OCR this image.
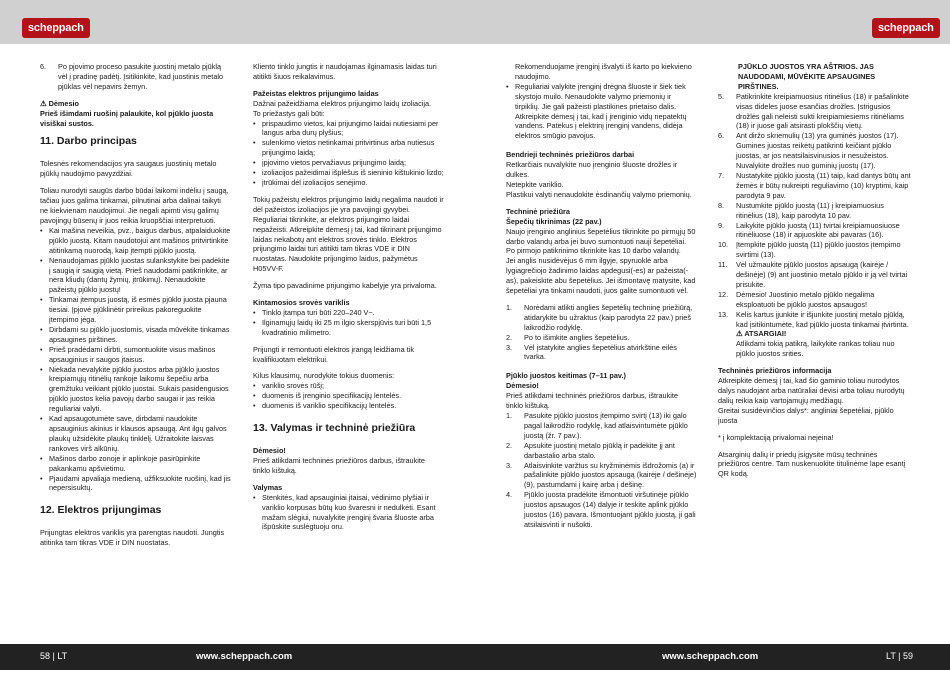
scheppach	scheppach
6. Po pjovimo proceso pasukite juostinį metalo pjūklą vėl į pradinę padėtį. Įsitikinkite, kad juostinis metalo pjūklas vėl nepavirs žemyn.
⚠ Dėmesio

Prieš išimdami ruošinį palaukite, kol pjūklo juosta visiškai sustos.

11. Darbo principas

Tolesnės rekomendacijos yra saugaus juostinių metalo pjūklų naudojimo pavyzdžiai.

Toliau nurodyti saugūs darbo būdai laikomi indėliu į saugą, tačiau juos galima tinkamai, pilnutinai arba dalinai taikyti ne kiekvienam naudojimui. Jie negali apimti visų galimų pavojingų būsenų ir juos reikia kruopščiai interpretuoti.

• Kai mašina neveikia, pvz., baigus darbus, atpalaiduokite pjūklo juostą. Kitam naudotojui ant mašinos pritvirtinkite atitinkamą nuorodą, kaip įtempti pjūklo juostą.
• Nenaudojamas pjūklo juostas sulankstykite bei padėkite į saugią ir saugią vietą. Prieš naudodami patikrinkite, ar nėra kliudų (dantų žymių, įtrūkimų). Nenaudokite pažeistų pjūklo juostų!
• Tinkamai įtempus juostą, iš esmės pjūklo juosta pjauna tiesiai. Įpjovė pjūklinėtir prireikus pakoreguokite įtempimo jėga.
• Dirbdami su pjūklo juostomis, visada mūvėkite tinkamas apsaugines pirštines.
• Prieš pradėdami dirbti, sumontuokite visus mašinos apsauginius ir saugos įtaisus.
• Niekada nevalykite pjūklo juostos arba pjūklo juostos kreipiamųjų ritinėlių rankoje laikomu šepečiu arba gremžtuku veikiant pjūklo juostai. Sukais pasidengusios pjūklo juostos kelia pavojų darbo saugai ir jas reikia reguliariai valyti.
• Kad apsaugotumėte save, dirbdami naudokite apsauginius akinius ir klausos apsaugą. Ant ilgų galvos plaukų užsidėkite plaukų tinklelį. Užraitokite laisvas rankoves virš alkūnių.
• Mašinos darbo zonoje ir aplinkoje pasirūpinkite pakankamu apšvietimu.
• Pjaudami apvaliąja medieną, užfiksuokite ruošinį, kad jis nepersisuktų.
12. Elektros prijungimas

Prijungtas elektros variklis yra parengtas naudoti. Jungtis atitinka tam tikras VDE ir DIN nuostatas.

Kliento tinklo jungtis ir naudojamas ilginamasis laidas turi atitikti šiuos reikalavimus.

Pažeistas elektros prijungimo laidas
Dažnai pažeidžiama elektros prijungimo laidų izoliacija.
To priežastys gali būti:
• prispaudimo vietos, kai prijungimo laidai nutiesiami per langus arba durų plyšius;
• sulenkimo vietos netinkamai pritvirtinus arba nutiesus prijungimo laidą;
• įpjovimo vietos pervažiavus prijungimo laidą;
• izoliacijos pažeidimai išplėšus iš sieninio kištukinio lizdo;
• įtrūkimai dėl izoliacijos senėjimo.

Tokių pažeistų elektros prijungimo laidų negalima naudoti ir dėl pažeistos izoliacijos jie yra pavojingi gyvybei. Reguliariai tikrinkite, ar elektros prijungimo laidai nepažeisti. Atkreipkite dėmesį į tai, kad tikrinant prijungimo laidas nekabotų ant elektros srovės tinklo. Elektros prijungimo laidai turi atitikti tam tikras VDE ir DIN nuostatas. Naudokite prijungimo laidus, pažymėtus H05VV-F.

Žyma tipo pavadinime prijungimo kabelyje yra privaloma.

Kintamosios srovės variklis
• Tinklo įtampa turi būti 220–240 V~.
• Ilginamųjų laidų iki 25 m ilgio skerspjūvis turi būti 1,5 kvadratinio milimetro.

Prijungti ir remontuoti elektros įrangą leidžiama tik kvalifikuotam elektrikui.

Kilus klausimų, nurodykite tokius duomenis:
• variklio srovės rūšį;
• duomenis iš įrenginio specifikacijų lentelės.
• duomenis iš variklio specifikacijų lentelės.
13. Valymas ir techninė priežiūra
Dėmesio!

Prieš atlikdami techninės priežiūros darbus, ištraukite tinklo kištuką.

Valymas
• Stenkitės, kad apsauginiai įtaisai, vėdinimo plyšiai ir variklio korpusas būtų kuo švaresni ir nedulkėti. Esant mažam slėgiui, nuvalykite įrenginį švaria šluoste arba išpūskite suslėgtuoju oru.
Rekomenduojame įrenginį išvalyti iš karto po kiekvieno naudojimo.
• Reguliariai valykite įrenginį drėgna šluoste ir šiek tiek skystojo muilo. Nenaudokite valymo priemonių ir tirpiklių. Jie gali pažeisti plastikines prietaiso dalis. Atkreipkite dėmesį į tai, kad į įrenginio vidų nepatektų vandens. Patekus į elektrinį įrenginį vandens, didėja elektros smūgio pavojus.
Bendrieji techninės priežiūros darbai
Retkarčiais nuvalykite nuo įrenginio šluoste drožles ir dulkes.
Netepkite variklio.

Plastikui valyti nenaudokite ėsdinančių valymo priemonių.

Techninė priežiūra
Šepečių tikrinimas (22 pav.)
Naujo įrenginio anglinius šepetėlius tikrinkite po pirmųjų 50 darbo valandų arba jei buvo sumontuoti nauji šepetėliai. Po pirmojo patikrinimo tikrinkite kas 10 darbo valandų.

Jei anglis nusidėvėjus 6 mm ilgyje, spyruoklė arba lygiagrečiojo žadinimo laidas apdegusi(-es) ar pažeista(-as), pakeiskite abu šepetėlius. Jei išmontavę matysite, kad šepetėliai yra tinkami naudoti, juos galite sumontuoti vėl.

1. Norėdami atlikti anglies šepetėlių techninę priežiūrą, atidarykite bu užraktus (kaip parodyta 22 pav.) prieš laikrodžio rodyklę.
2. Po to išimkite anglies šepetėlius.
3. Vėl įstatykite anglies šepetėlius atvirkštine eilės tvarka.
Pjūklo juostos keitimas (7–11 pav.)
Dėmesio!
Prieš atlikdami techninės priežiūros darbus, ištraukite tinklo kištuką.
1. Pasukite pjūklo juostos įtempimo svirtį (13) iki galo pagal laikrodžio rodyklę, kad atlaisvintumėte pjūklo juostą (žr. 7 pav.).
2. Apsukite juostinį metalo pjūklą ir padėkite jį ant darbastalio arba stalo.
3. Atlaisvinkite varžtus su kryžminėmis išdrožomis (a) ir pašalinkite pjūklo juostos apsaugą (kairėje / dešinėje) (9), pastumdami į kairę arba į dešinę.
4. Pjūklo juosta pradėkite išmontuoti viršutinėje pjūklo juostos apsaugos (14) dalyje ir teskite aplink pjūklo juostos (16) pavara. Išmontuojant pjūklo juostą, ji gali atsilaisvinti ir nušokti.
PJŪKLO JUOSTOS YRA AŠTRIOS. JAS NAUDODAMI, MŪVĖKITE APSAUGINES PIRŠTINES.
5. Patikrinkite kreipiamuosius ritinėlius (18) ir pašalinkite visas dideles juose esančias drožles. Įstrigusios drožlės gali neleisti sukti kreipiamiesiems ritinėliams (18) ir juose gali atsirasti plokščių vietų.
6. Ant diržo skriemulių (13) yra guminės juostos (17). Gumines juostas reikėtų patikrinti keičiant pjūklo juostas, ar jos neatsilaisvinusios ir nesužeistos. Nuvalykite drožles nuo guminių juostų (17).
7. Nustatykite pjūklo juostą (11) taip, kad dantys būtų ant žemės ir būtų nukreipti reguliavimo (10) kryptimi, kaip parodyta 9 pav.
8. Nustumkite pjūklo juostą (11) į kreipiamuosius ritinėlius (18), kaip parodyta 10 pav.
9. Laikykite pjūklo juostą (11) tvirtai kreipiamuosiuose ritinėliuose (18) ir apjuoskite abi pavaras (16).
10. Įtempkite pjūklo juostą (11) pjūklo juostos įtempimo svirtimi (13).
11. Vėl užmaukite pjūklo juostos apsaugą (kairėje / dešinėje) (9) ant juostinio metalo pjūklo ir ją vėl tvirtai prisukite.
12. Dėmesio! Juostinio metalo pjūklo negalima eksploatuoti be pjūklo juostos apsaugos!
13. Kelis kartus įjunkite ir išjunkite juostinį metalo pjūklą, kad įsitikintumėte, kad pjūklo juosta tinkamai įtvirtinta.
⚠ ATSARGIAI!

Atlikdami tokią patikrą, laikykite rankas toliau nuo pjūklo juostos srities.

Techninės priežiūros informacija
Atkreipkite dėmesį į tai, kad šio gaminio toliau nurodytos dalys naudojant arba natūraliai dėvisi arba toliau nurodytų dalių reikia kaip vartojamųjų medžiagų.

Greitai susidėvinčios dalys*: angliniai šepetėliai, pjūklo juosta

* į komplektaciją privalomai neįeina!

Atsarginių dalių ir priedų įsigysite mūsų techninės priežiūros centre. Tam nuskenuokite titulinėme lape esantį QR kodą.

58 | LT	www.scheppach.com	www.scheppach.com	LT | 59
